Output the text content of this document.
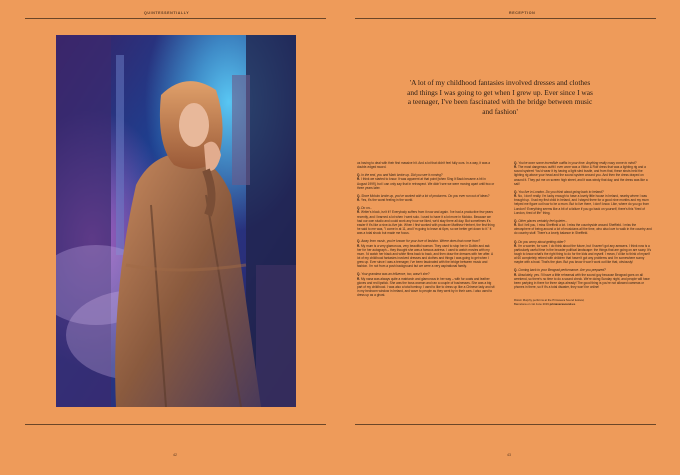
QUINTESSENTIALLY	RECEPTION
42	43
'A lot of my childhood fantasies involved dresses and clothes and things I was going to get when I grew up. Ever since I was a teenager, I've been fascinated with the bridge between music and fashion'

us having to deal with their first massive hit. And a lot that didn't feel fully ours. In a way, it was a double-edged sword.

Q. In the end, you and Mark broke up. Did you see it coming?
R. I think we started to know. It was apparent at that point [when Sing It Back became a hit in August 1999], but I can only say that in retrospect. We didn't see we were moving apart until two or three years later.

Q. Since Moloko broke up, you've worked with a lot of producers. Do you ever run out of ideas?
R. Yes, it's the worst feeling in the world.

Q. Do on...
R. Writer's block, isn't it? Everybody suffers from it now and again. I've had a productive few years recently, and I learned a lot when I went solo. I used to have it a lot more in Moloko. Because we had our own studio and could work any hour we liked, we'd stay there all day. But sometimes it's easier if it's like a nine-to-five job. When I first worked with producer Matthew Herbert, the first thing he said to me was, "I come in at 11, and I'm going to leave at 6pm, so we better get down to it." It was a total shock but made me focus.

Q. Away from music, you're known for your love of fashion. Where does that come from?
R. My mum is a very glamorous, very beautiful woman. They used to stop her in Dublin and ask her for her autograph – they thought she was a famous actress. I used to watch movies with my mum. I'd watch her black and white films back to back, and then draw the dresses with her after. A lot of my childhood fantasies involved dresses and clothes and things I was going to get when I grew up. Ever since I was a teenager, I've been fascinated with the bridge between music and fashion. I'm not from a posh background but we were a very aspirational family.

Q. Your grandma was an influence, too, wasn't she?
R. My nana was always quite a matriarch and glamorous in her way – with fur coats and leather gloves and red lipstick. She was the boss woman and ran a couple of businesses. She was a big part of my childhood. I was also a total tomboy. I used to like to dress up like a Chinese lady and sit in my bedroom window in Ireland, and wave to people as they went by in their cars. I also used to dress up as a ghost.

Q. You've worn some incredible outfits in your time. Anything really crazy come to mind?
R. The most dangerous outfit I ever wore was a Viktor & Rolf dress that was a lighting rig and a sound system! You'd wear it by having a light sled bustle, and from that, these struts held the lighting rig above your head and the sound system around you. And then the dress draped on around it. They put me on screen high street, and it was windy that day, and the dress was like a sail!

Q. You live in London. Do you think about going back to Ireland?
R. No, I don't really. I'm lucky enough to have a lovely little house in Ireland, nearby where I was brought up. I had my first child in Ireland, and I stayed there for a good nine months and my mum helped me figure out how to be a mum. But to live there, I don't know. Like, where do you go from London? Everything seems like a bit of a failure if you go back on yourself, there's this "tired of London, tired of life" thing.

Q. Other places certainly feel quieter...
R. But I tell you, I miss Sheffield a lot. I miss the countryside around Sheffield. I miss the atmosphere of being around a lot of musicians all the time, who also love to walk in the country and do country stuff. There's a lovely balance in Sheffield.

Q. Do you worry about getting older?
R. I'm a worrier, for sure. I do think about the future, but I haven't got any answers. I think now is a particularly useful time in the broader political landscape: the things that are going on are scary. It's tough to know what's the right thing to do for the kids and myself. I mean, I'd like to think of myself at 60 completely retired with children that haven't got any problems and I'm somewhere sunny maybe with a boat. That's the plan. But you know it won't work out like that, obviously!

Q. Coming back to your Beograd performance. Are you prepared?
R. Absolutely, yes. I'll have a little rehearsal with the sound guy because Beograd goes on all weekend, so there's no time to do a sound check. We're doing Sunday night, and people will have been partying in there for three days already! The good thing is you're not allowed cameras or phones in there, so if it's a total disaster, they won't be online!

Róisín Murphy performs at the Primavera Sound festival,
Barcelona on 1st June 2019 primaverasound.es
